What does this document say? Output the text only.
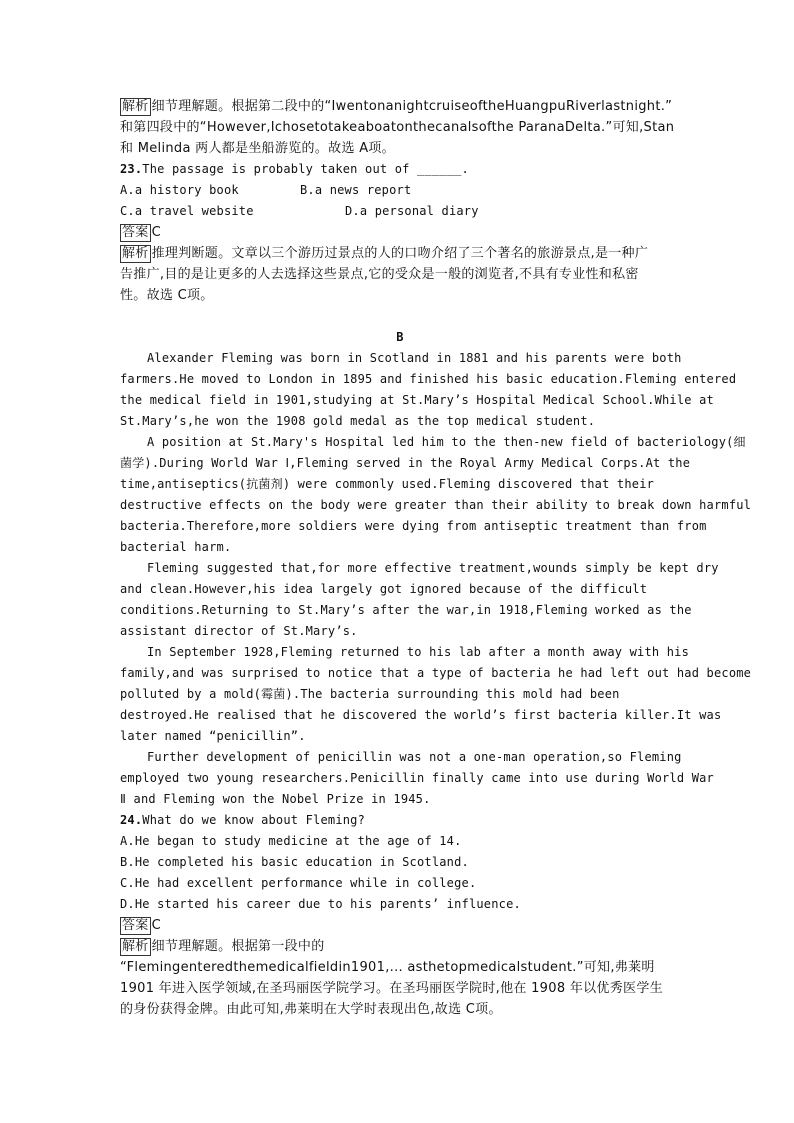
解析 细节理解题。根据第二段中的“IwentonanightcruiseoftheHuangpuRiverlastnight.”
和第四段中的“However,Ichosetotakeaboatonthecanalsofthe ParanaDelta.”可知,Stan
和 Melinda 两人都是坐船游览的。故选 A项。
23.The passage is probably taken out of ______.
A.a history book	B.a news report
C.a travel website	D.a personal diary
答案 C
解析 推理判断题。文章以三个游历过景点的人的口吻介绍了三个著名的旅游景点,是一种广
告推广,目的是让更多的人去选择这些景点,它的受众是一般的浏览者,不具有专业性和私密
性。故选 C项。
B
Alexander Fleming was born in Scotland in 1881 and his parents were both
farmers.He moved to London in 1895 and finished his basic education.Fleming entered
the medical field in 1901,studying at St.Mary’s Hospital Medical School.While at
St.Mary’s,he won the 1908 gold medal as the top medical student.
A position at St.Mary's Hospital led him to the then-new field of bacteriology(细
菌学).During World War Ⅰ,Fleming served in the Royal Army Medical Corps.At the
time,antiseptics(抗菌剂) were commonly used.Fleming discovered that their
destructive effects on the body were greater than their ability to break down harmful
bacteria.Therefore,more soldiers were dying from antiseptic treatment than from
bacterial harm.
Fleming suggested that,for more effective treatment,wounds simply be kept dry
and clean.However,his idea largely got ignored because of the difficult
conditions.Returning to St.Mary’s after the war,in 1918,Fleming worked as the
assistant director of St.Mary’s.
In September 1928,Fleming returned to his lab after a month away with his
family,and was surprised to notice that a type of bacteria he had left out had become
polluted by a mold(霉菌).The bacteria surrounding this mold had been
destroyed.He realised that he discovered the world’s first bacteria killer.It was
later named “penicillin”.
Further development of penicillin was not a one-man operation,so Fleming
employed two young researchers.Penicillin finally came into use during World War
Ⅱ and Fleming won the Nobel Prize in 1945.
24.What do we know about Fleming?
A.He began to study medicine at the age of 14.
B.He completed his basic education in Scotland.
C.He had excellent performance while in college.
D.He started his career due to his parents’ influence.
答案 C
解析 细节理解题。根据第一段中的
“Flemingenteredthemedicalfieldin1901,... asthetopmedicalstudent.”可知,弗莱明
1901 年进入医学领域,在圣玛丽医学院学习。在圣玛丽医学院时,他在 1908 年以优秀医学生
的身份获得金牌。由此可知,弗莱明在大学时表现出色,故选 C项。
